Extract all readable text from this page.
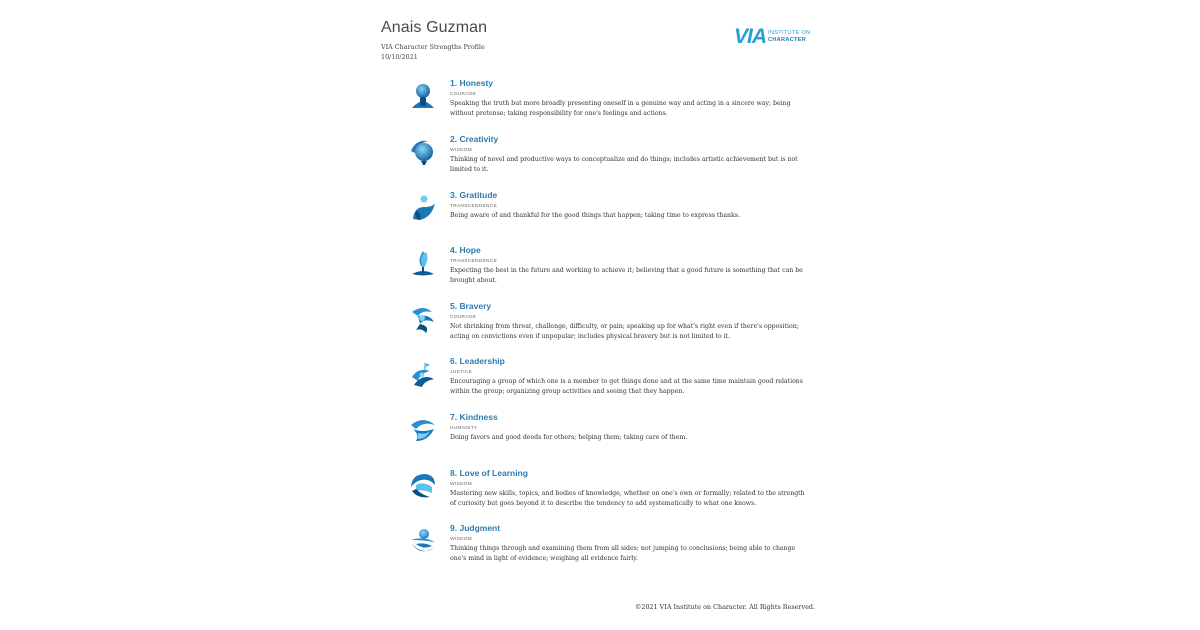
Anais Guzman
VIA Character Strengths Profile
10/10/2021
VIA INSTITUTE ON
CHARACTER
1. Honesty
COURAGE
Speaking the truth but more broadly presenting oneself in a genuine way and acting in a sincere way; being without pretense; taking responsibility for one's feelings and actions.
2. Creativity
WISDOM
Thinking of novel and productive ways to conceptualize and do things; includes artistic achievement but is not limited to it.
3. Gratitude
TRANSCENDENCE
Being aware of and thankful for the good things that happen; taking time to express thanks.
4. Hope
TRANSCENDENCE
Expecting the best in the future and working to achieve it; believing that a good future is something that can be brought about.
5. Bravery
COURAGE
Not shrinking from threat, challenge, difficulty, or pain; speaking up for what's right even if there's opposition; acting on convictions even if unpopular; includes physical bravery but is not limited to it.
6. Leadership
JUSTICE
Encouraging a group of which one is a member to get things done and at the same time maintain good relations within the group; organizing group activities and seeing that they happen.
7. Kindness
HUMANITY
Doing favors and good deeds for others; helping them; taking care of them.
8. Love of Learning
WISDOM
Mastering new skills, topics, and bodies of knowledge, whether on one's own or formally; related to the strength of curiosity but goes beyond it to describe the tendency to add systematically to what one knows.
9. Judgment
WISDOM
Thinking things through and examining them from all sides; not jumping to conclusions; being able to change one's mind in light of evidence; weighing all evidence fairly.
©2021 VIA Institute on Character. All Rights Reserved.
